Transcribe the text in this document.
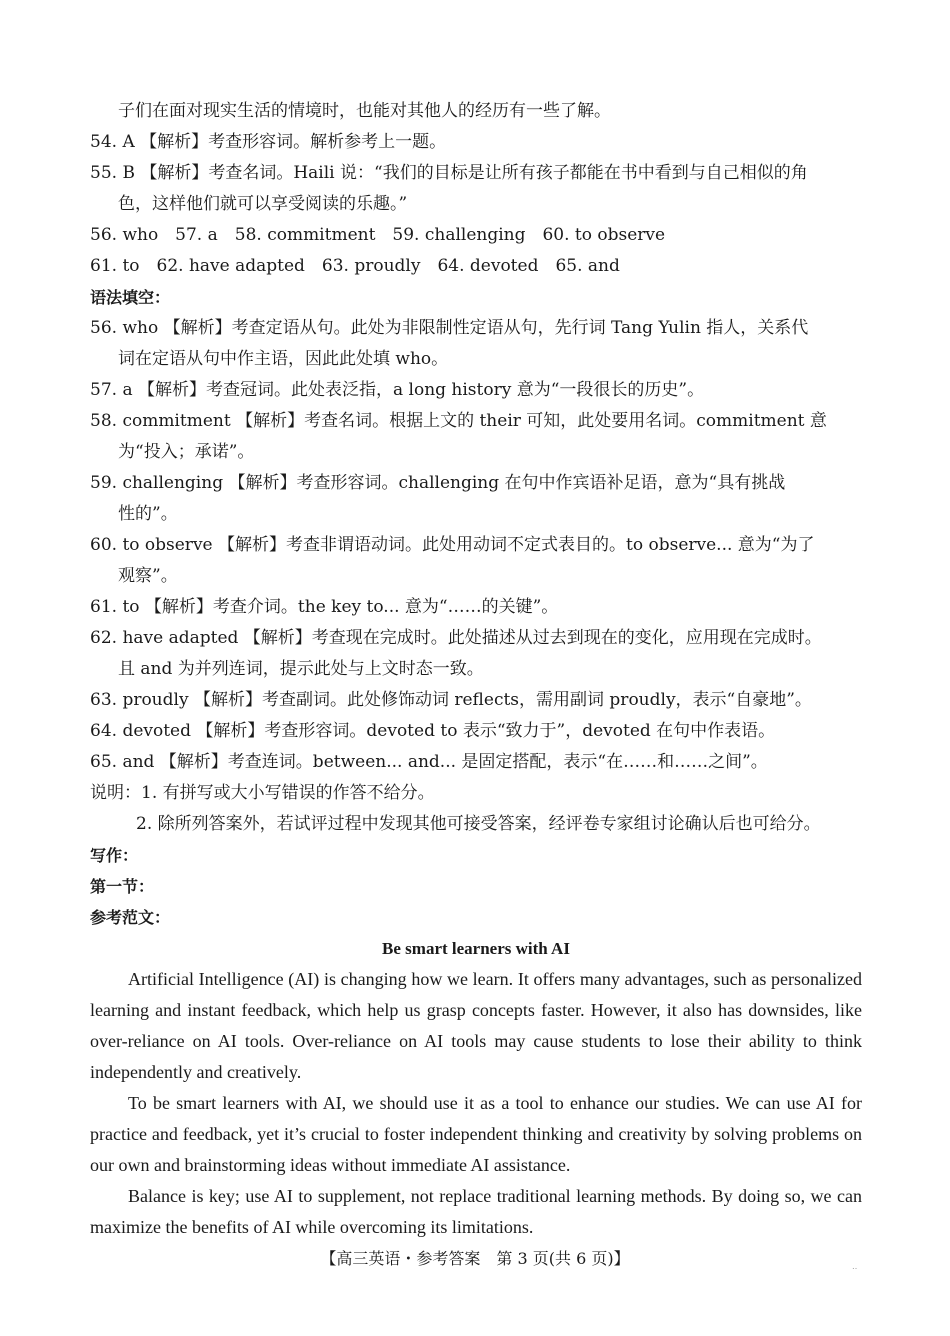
子们在面对现实生活的情境时，也能对其他人的经历有一些了解。
54. A 【解析】考查形容词。解析参考上一题。
55. B 【解析】考查名词。Haili 说：“我们的目标是让所有孩子都能在书中看到与自己相似的角
色，这样他们就可以享受阅读的乐趣。”
56. who　57. a　58. commitment　59. challenging　60. to observe
61. to　62. have adapted　63. proudly　64. devoted　65. and
语法填空：
56. who 【解析】考查定语从句。此处为非限制性定语从句，先行词 Tang Yulin 指人，关系代
词在定语从句中作主语，因此此处填 who。
57. a 【解析】考查冠词。此处表泛指，a long history 意为“一段很长的历史”。
58. commitment 【解析】考查名词。根据上文的 their 可知，此处要用名词。commitment 意
为“投入；承诺”。
59. challenging 【解析】考查形容词。challenging 在句中作宾语补足语，意为“具有挑战
性的”。
60. to observe 【解析】考查非谓语动词。此处用动词不定式表目的。to observe... 意为“为了
观察”。
61. to 【解析】考查介词。the key to... 意为“……的关键”。
62. have adapted 【解析】考查现在完成时。此处描述从过去到现在的变化，应用现在完成时。
且 and 为并列连词，提示此处与上文时态一致。
63. proudly 【解析】考查副词。此处修饰动词 reflects，需用副词 proudly，表示“自豪地”。
64. devoted 【解析】考查形容词。devoted to 表示“致力于”，devoted 在句中作表语。
65. and 【解析】考查连词。between... and... 是固定搭配，表示“在……和……之间”。
说明：1. 有拼写或大小写错误的作答不给分。
2. 除所列答案外，若试评过程中发现其他可接受答案，经评卷专家组讨论确认后也可给分。
写作：
第一节：
参考范文：
Be smart learners with AI

Artificial Intelligence (AI) is changing how we learn. It offers many advantages, such as personalized learning and instant feedback, which help us grasp concepts faster. However, it also has downsides, like over-reliance on AI tools. Over-reliance on AI tools may cause students to lose their ability to think independently and creatively.

To be smart learners with AI, we should use it as a tool to enhance our studies. We can use AI for practice and feedback, yet it’s crucial to foster independent thinking and creativity by solving problems on our own and brainstorming ideas without immediate AI assistance.

Balance is key; use AI to supplement, not replace traditional learning methods. By doing so, we can maximize the benefits of AI while overcoming its limitations.

【高三英语・参考答案　第 3 页(共 6 页)】	‥
